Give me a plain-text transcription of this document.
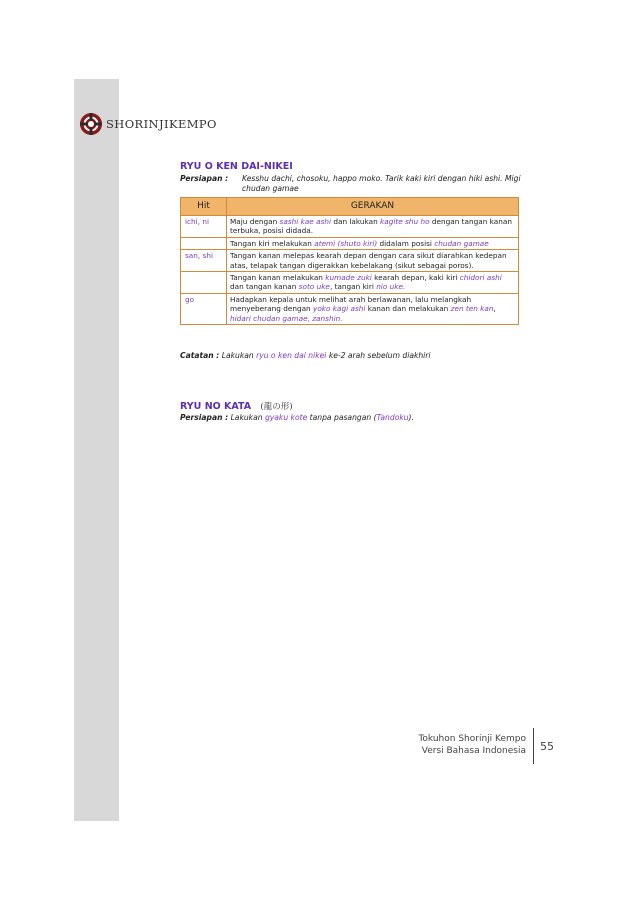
SHORINJIKEMPO
RYU O KEN DAI-NIKEI
Persiapan : Kesshu dachi, chosoku, happo moko. Tarik kaki kiri dengan hiki ashi. Migi chudan gamae
Hit	GERAKAN
ichi, ni	Maju dengan sashi kae ashi dan lakukan kagite shu ho dengan tangan kanan terbuka, posisi didada.
	Tangan kiri melakukan atemi (shuto kiri) didalam posisi chudan gamae
san, shi	Tangan kanan melepas kearah depan dengan cara sikut diarahkan kedepan atas, telapak tangan digerakkan kebelakang (sikut sebagai poros).
	Tangan kanan melakukan kumade zuki kearah depan, kaki kiri chidori ashi dan tangan kanan soto uke, tangan kiri nio uke.
go	Hadapkan kepala untuk melihat arah berlawanan, lalu melangkah menyeberang dengan yoko kagi ashi kanan dan melakukan zen ten kan, hidari chudan gamae, zanshin.
Catatan : Lakukan ryu o ken dai nikei ke-2 arah sebelum diakhiri
RYU NO KATA (龍の形)
Persiapan : Lakukan gyaku kote tanpa pasangan (Tandoku).
Tokuhon Shorinji Kempo
Versi Bahasa Indonesia 55
